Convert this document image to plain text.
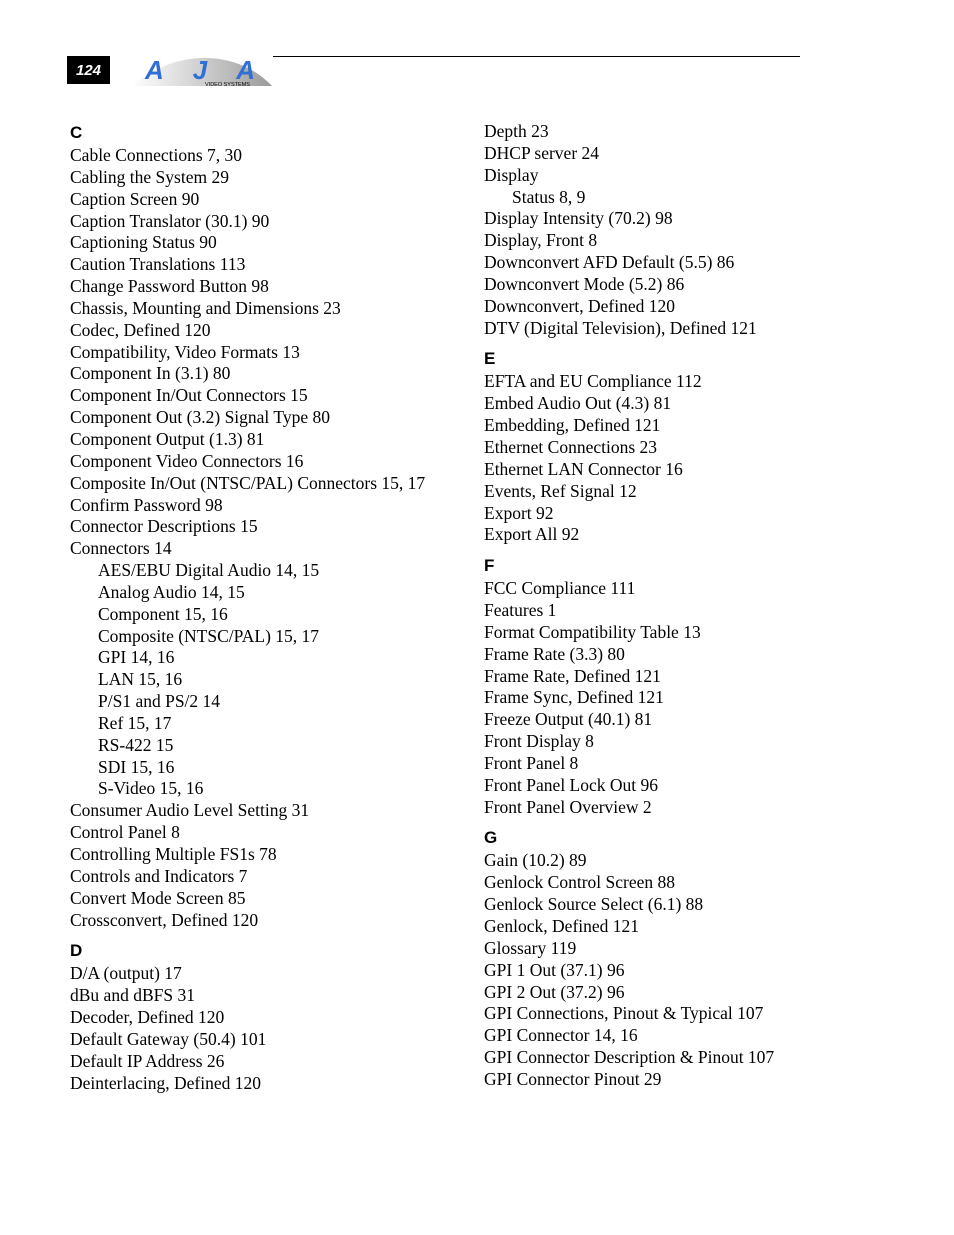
124	AJA
VIDEO SYSTEMS
C
Cable Connections 7, 30
Cabling the System 29
Caption Screen 90
Caption Translator (30.1) 90
Captioning Status 90
Caution Translations 113
Change Password Button 98
Chassis, Mounting and Dimensions 23
Codec, Defined 120
Compatibility, Video Formats 13
Component In (3.1) 80
Component In/Out Connectors 15
Component Out (3.2) Signal Type 80
Component Output (1.3) 81
Component Video Connectors 16
Composite In/Out (NTSC/PAL) Connectors 15, 17
Confirm Password 98
Connector Descriptions 15
Connectors 14
AES/EBU Digital Audio 14, 15
Analog Audio 14, 15
Component 15, 16
Composite (NTSC/PAL) 15, 17
GPI 14, 16
LAN 15, 16
P/S1 and PS/2 14
Ref 15, 17
RS-422 15
SDI 15, 16
S-Video 15, 16
Consumer Audio Level Setting 31
Control Panel 8
Controlling Multiple FS1s 78
Controls and Indicators 7
Convert Mode Screen 85
Crossconvert, Defined 120
D
D/A (output) 17
dBu and dBFS 31
Decoder, Defined 120
Default Gateway (50.4) 101
Default IP Address 26
Deinterlacing, Defined 120
Depth 23
DHCP server 24
Display
Status 8, 9
Display Intensity (70.2) 98
Display, Front 8
Downconvert AFD Default (5.5) 86
Downconvert Mode (5.2) 86
Downconvert, Defined 120
DTV (Digital Television), Defined 121
E
EFTA and EU Compliance 112
Embed Audio Out (4.3) 81
Embedding, Defined 121
Ethernet Connections 23
Ethernet LAN Connector 16
Events, Ref Signal 12
Export 92
Export All 92
F
FCC Compliance 111
Features 1
Format Compatibility Table 13
Frame Rate (3.3) 80
Frame Rate, Defined 121
Frame Sync, Defined 121
Freeze Output (40.1) 81
Front Display 8
Front Panel 8
Front Panel Lock Out 96
Front Panel Overview 2
G
Gain (10.2) 89
Genlock Control Screen 88
Genlock Source Select (6.1) 88
Genlock, Defined 121
Glossary 119
GPI 1 Out (37.1) 96
GPI 2 Out (37.2) 96
GPI Connections, Pinout & Typical 107
GPI Connector 14, 16
GPI Connector Description & Pinout 107
GPI Connector Pinout 29
